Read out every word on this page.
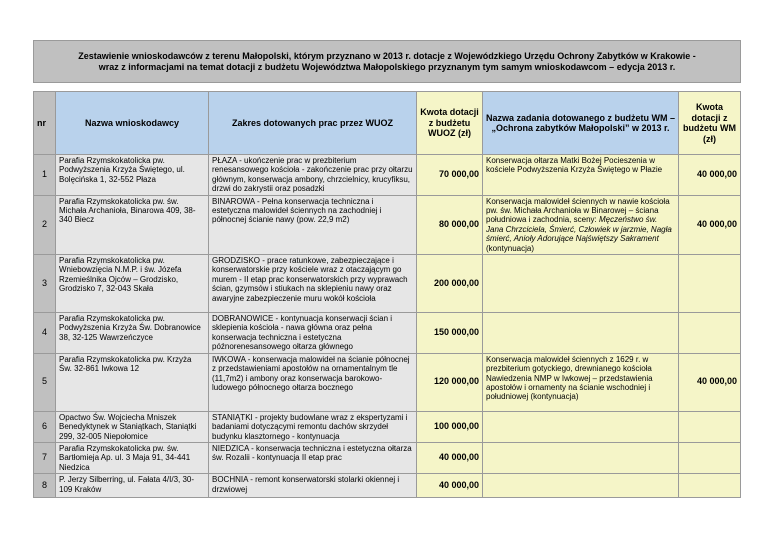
Zestawienie wnioskodawców z terenu Małopolski, którym przyznano w 2013 r. dotacje z Wojewódzkiego Urzędu Ochrony Zabytków w Krakowie -
wraz z informacjami na temat dotacji z budżetu Województwa Małopolskiego przyznanym tym samym wnioskodawcom – edycja 2013 r.					

nr	Nazwa wnioskodawcy	Zakres dotowanych prac przez WUOZ	Kwota dotacji z budżetu WUOZ (zł)	Nazwa zadania dotowanego z budżetu WM – „Ochrona zabytków Małopolski” w 2013 r.	Kwota dotacji z budżetu WM (zł)
1	Parafia Rzymskokatolicka pw. Podwyższenia Krzyża Świętego, ul. Bolęcińska 1, 32-552 Płaza	PŁAZA - ukończenie prac w prezbiterium renesansowego kościoła - zakończenie prac przy ołtarzu głównym, konserwacja ambony, chrzcielnicy, krucyfiksu, drzwi do zakrystii oraz posadzki	70 000,00	Konserwacja ołtarza Matki Bożej Pocieszenia w kościele Podwyższenia Krzyża Świętego w Płazie	40 000,00
2	Parafia Rzymskokatolicka pw. św. Michała Archanioła, Binarowa 409, 38-340 Biecz	BINAROWA - Pełna konserwacja techniczna i estetyczna malowideł ściennych na zachodniej i północnej ścianie nawy (pow. 22,9 m2)	80 000,00	Konserwacja malowideł ściennych w nawie kościoła pw. św. Michała Archanioła w Binarowej – ściana południowa i zachodnia, sceny: Męczeństwo św. Jana Chrzciciela, Śmierć, Człowiek w jarzmie, Nagła śmierć, Anioły Adorujące Najświętszy Sakrament (kontynuacja)	40 000,00
3	Parafia Rzymskokatolicka pw. Wniebowzięcia N.M.P. i św. Józefa Rzemieślnika Ojców – Grodzisko, Grodzisko 7, 32-043 Skała	GRODZISKO - prace ratunkowe, zabezpieczające i konserwatorskie przy kościele wraz z otaczającym go murem - II etap prac konserwatorskich przy wyprawach ścian, gzymsów i stiukach na sklepieniu nawy oraz awaryjne zabezpieczenie muru wokół kościoła	200 000,00		
4	Parafia Rzymskokatolicka pw. Podwyższenia Krzyża Św. Dobranowice 38, 32-125 Wawrzeńczyce	DOBRANOWICE - kontynuacja konserwacji ścian i sklepienia kościoła - nawa główna oraz pełna konserwacja techniczna i estetyczna późnorenesansowego ołtarza głównego	150 000,00		
5	Parafia Rzymskokatolicka pw. Krzyża Św. 32-861 Iwkowa 12	IWKOWA - konserwacja malowideł na ścianie północnej z przedstawieniami apostołów na ornamentalnym tle (11,7m2) i ambony oraz konserwacja barokowo-ludowego północnego ołtarza bocznego	120 000,00	Konserwacja malowideł ściennych z 1629 r. w prezbiterium gotyckiego, drewnianego kościoła Nawiedzenia NMP w Iwkowej – przedstawienia apostołów i ornamenty na ścianie wschodniej i południowej (kontynuacja)	40 000,00
6	Opactwo Św. Wojciecha Mniszek Benedyktynek w Staniątkach, Staniątki 299, 32-005 Niepołomice	STANIĄTKI - projekty budowlane wraz z ekspertyzami i badaniami dotyczącymi remontu dachów skrzydeł budynku klasztornego - kontynuacja	100 000,00		
7	Parafia Rzymskokatolicka pw. św. Bartłomieja Ap. ul. 3 Maja 91, 34-441 Niedzica	NIEDZICA - konserwacja techniczna i estetyczna ołtarza św. Rozalii - kontynuacja II etap prac	40 000,00		
8	P. Jerzy Silberring, ul. Fałata 4/I/3, 30-109 Kraków	BOCHNIA - remont konserwatorski stolarki okiennej i drzwiowej	40 000,00		
